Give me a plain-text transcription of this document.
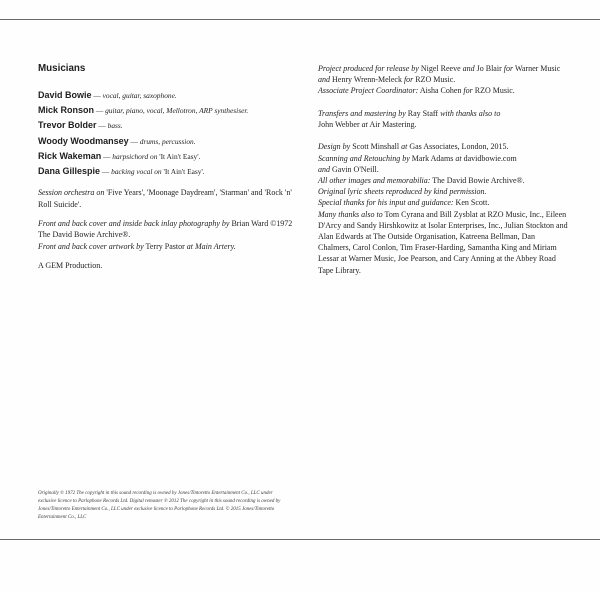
Musicians
David Bowie — vocal, guitar, saxophone.
Mick Ronson — guitar, piano, vocal, Mellotron, ARP synthesiser.
Trevor Bolder — bass.
Woody Woodmansey — drums, percussion.
Rick Wakeman — harpsichord on 'It Ain't Easy'.
Dana Gillespie — backing vocal on 'It Ain't Easy'.
Session orchestra on 'Five Years', 'Moonage Daydream', 'Starman' and 'Rock 'n' Roll Suicide'.
Front and back cover and inside back inlay photography by Brian Ward ©1972 The David Bowie Archive®.
Front and back cover artwork by Terry Pastor at Main Artery.
A GEM Production.

Project produced for release by Nigel Reeve and Jo Blair for Warner Music and Henry Wrenn-Meleck for RZO Music.

Associate Project Coordinator: Aisha Cohen for RZO Music.

Transfers and mastering by Ray Staff with thanks also to
John Webber at Air Mastering.

Design by Scott Minshall at Gas Associates, London, 2015.
Scanning and Retouching by Mark Adams at davidbowie.com
and Gavin O'Neill.
All other images and memorabilia: The David Bowie Archive®.
Original lyric sheets reproduced by kind permission.
Special thanks for his input and guidance: Ken Scott.
Many thanks also to Tom Cyrana and Bill Zysblat at RZO Music, Inc., Eileen D'Arcy and Sandy Hirshkowitz at Isolar Enterprises, Inc., Julian Stockton and Alan Edwards at The Outside Organisation, Katreena Bellman, Dan Chalmers, Carol Conlon, Tim Fraser-Harding, Samantha King and Miriam Lessar at Warner Music, Joe Pearson, and Cary Anning at the Abbey Road Tape Library.

Originally ℗ 1972 The copyright in this sound recording is owned by Jones/Tintoretto Entertainment Co., LLC under exclusive licence to Parlophone Records Ltd. Digital remaster ℗ 2012 The copyright in this sound recording is owned by Jones/Tintoretto Entertainment Co., LLC under exclusive licence to Parlophone Records Ltd. © 2015 Jones/Tintoretto Entertainment Co., LLC
